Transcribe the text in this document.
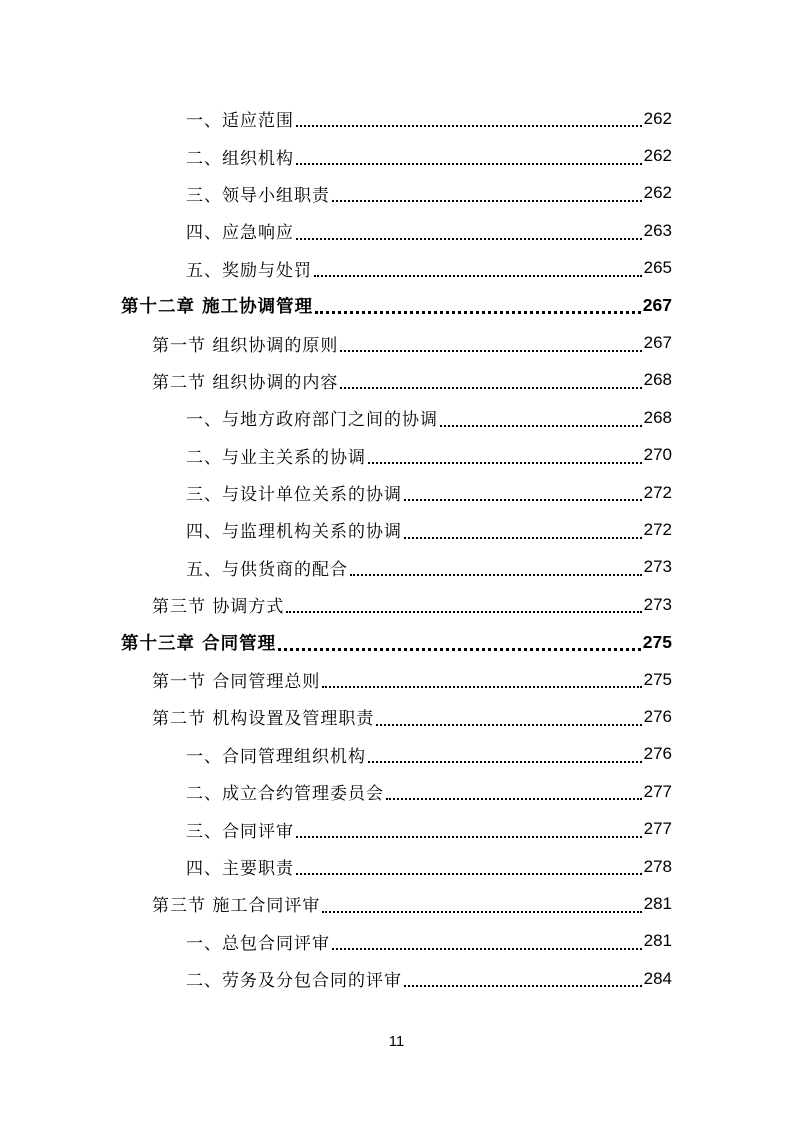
一、适应范围	262
二、组织机构	262
三、领导小组职责	262
四、应急响应	263
五、奖励与处罚	265
第十二章 施工协调管理	267
第一节 组织协调的原则	267
第二节 组织协调的内容	268
一、与地方政府部门之间的协调	268
二、与业主关系的协调	270
三、与设计单位关系的协调	272
四、与监理机构关系的协调	272
五、与供货商的配合	273
第三节 协调方式	273
第十三章 合同管理	275
第一节 合同管理总则	275
第二节 机构设置及管理职责	276
一、合同管理组织机构	276
二、成立合约管理委员会	277
三、合同评审	277
四、主要职责	278
第三节 施工合同评审	281
一、总包合同评审	281
二、劳务及分包合同的评审	284
11
